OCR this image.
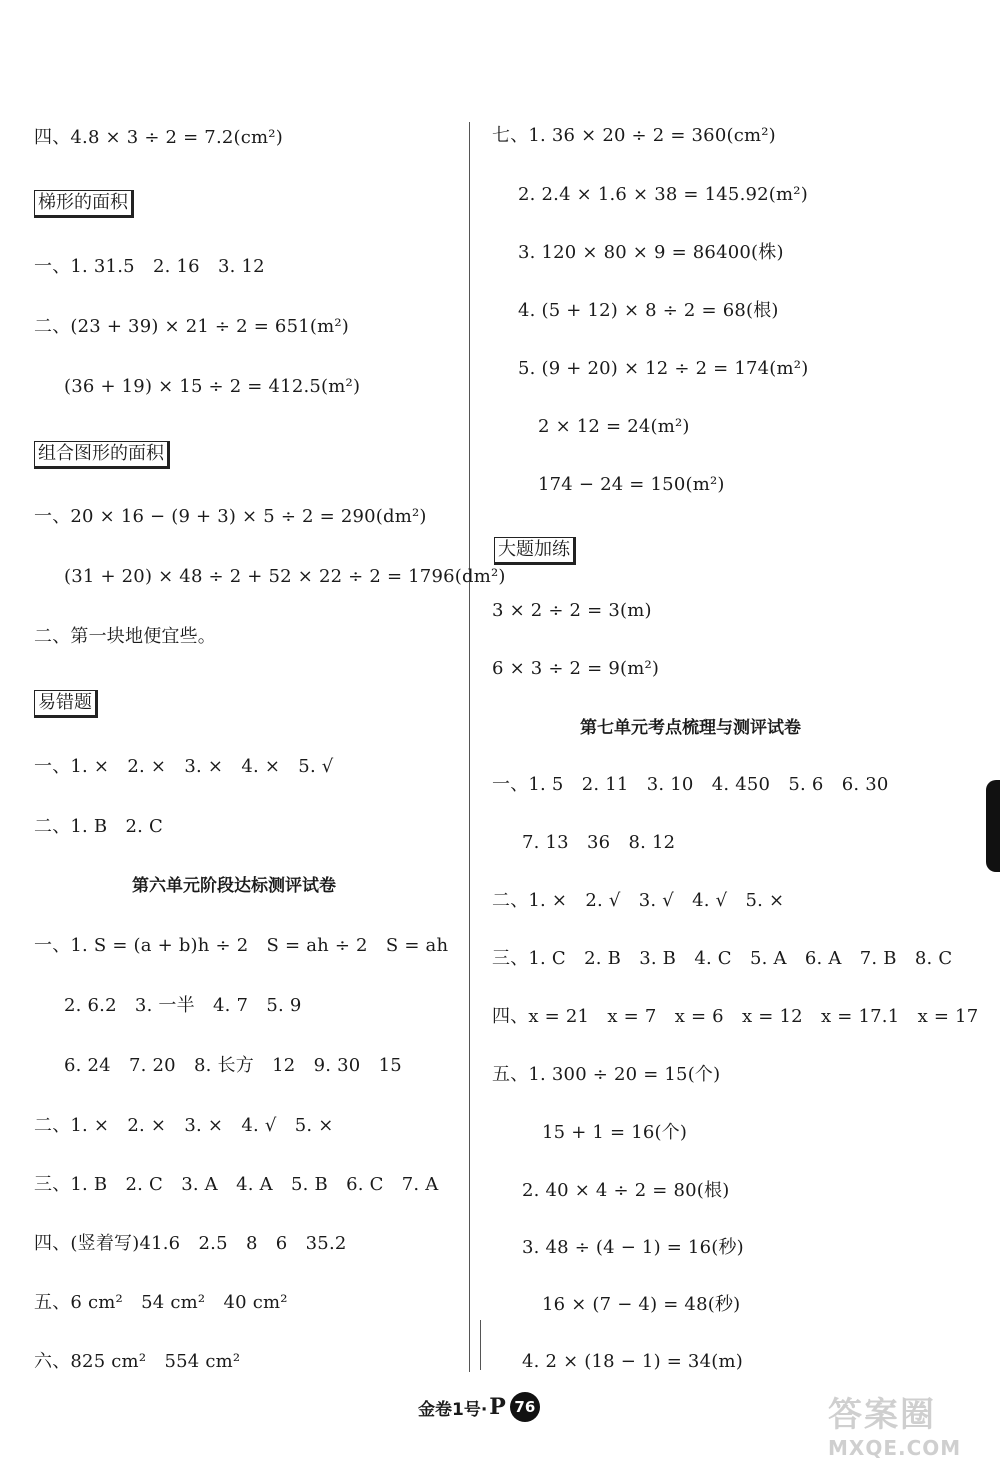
四、4.8 × 3 ÷ 2 = 7.2(cm²)
梯形的面积
一、1. 31.5　2. 16　3. 12
二、(23 + 39) × 21 ÷ 2 = 651(m²)
(36 + 19) × 15 ÷ 2 = 412.5(m²)
组合图形的面积
一、20 × 16 − (9 + 3) × 5 ÷ 2 = 290(dm²)
(31 + 20) × 48 ÷ 2 + 52 × 22 ÷ 2 = 1796(dm²)
二、第一块地便宜些。
易错题
一、1. ×　2. ×　3. ×　4. ×　5. √
二、1. B　2. C
第六单元阶段达标测评试卷
一、1. S = (a + b)h ÷ 2　S = ah ÷ 2　S = ah
2. 6.2　3. 一半　4. 7　5. 9
6. 24　7. 20　8. 长方　12　9. 30　15
二、1. ×　2. ×　3. ×　4. √　5. ×
三、1. B　2. C　3. A　4. A　5. B　6. C　7. A
四、(竖着写)41.6　2.5　8　6　35.2
五、6 cm²　54 cm²　40 cm²
六、825 cm²　554 cm²
七、1. 36 × 20 ÷ 2 = 360(cm²)
2. 2.4 × 1.6 × 38 = 145.92(m²)
3. 120 × 80 × 9 = 86400(株)
4. (5 + 12) × 8 ÷ 2 = 68(根)
5. (9 + 20) × 12 ÷ 2 = 174(m²)
2 × 12 = 24(m²)
174 − 24 = 150(m²)
大题加练
3 × 2 ÷ 2 = 3(m)
6 × 3 ÷ 2 = 9(m²)
第七单元考点梳理与测评试卷
一、1. 5　2. 11　3. 10　4. 450　5. 6　6. 30
7. 13　36　8. 12
二、1. ×　2. √　3. √　4. √　5. ×
三、1. C　2. B　3. B　4. C　5. A　6. A　7. B　8. C
四、x = 21　x = 7　x = 6　x = 12　x = 17.1　x = 17
五、1. 300 ÷ 20 = 15(个)
15 + 1 = 16(个)
2. 40 × 4 ÷ 2 = 80(根)
3. 48 ÷ (4 − 1) = 16(秒)
16 × (7 − 4) = 48(秒)
4. 2 × (18 − 1) = 34(m)
金卷1号· P 76	答案圈
MXQE.COM
